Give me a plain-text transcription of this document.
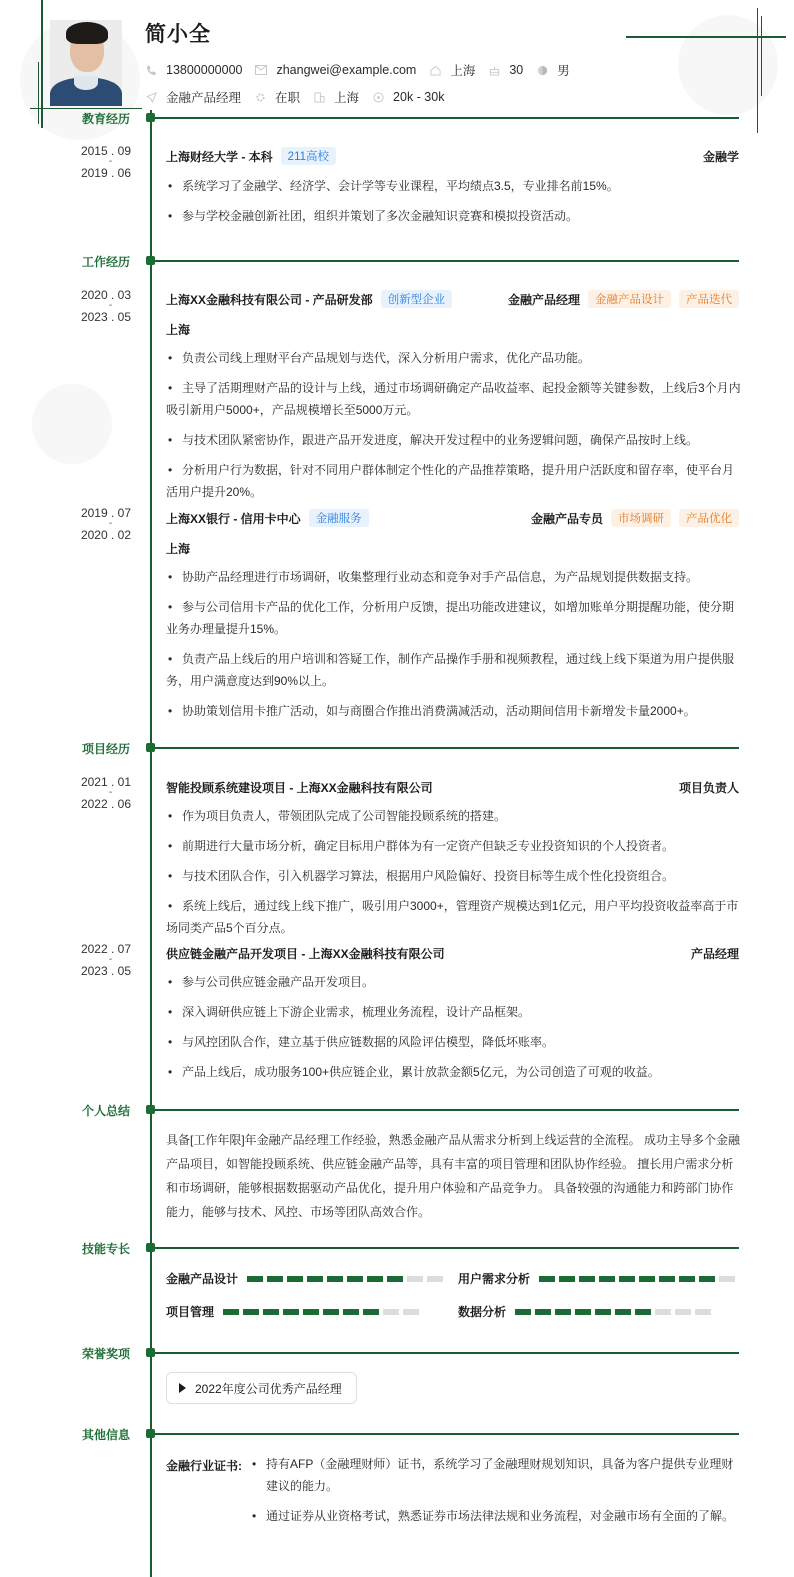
简小全
13800000000	zhangwei@example.com	上海	30	男
金融产品经理	在职	上海	20k - 30k
教育经历
2015 . 09
-
2019 . 06
上海财经大学 - 本科	211高校	金融学
• 系统学习了金融学、经济学、会计学等专业课程，平均绩点3.5，专业排名前15%。
• 参与学校金融创新社团，组织并策划了多次金融知识竞赛和模拟投资活动。
工作经历
2020 . 03
-
2023 . 05
上海XX金融科技有限公司 - 产品研发部	创新型企业	金融产品经理	金融产品设计	产品迭代
上海
• 负责公司线上理财平台产品规划与迭代，深入分析用户需求，优化产品功能。
• 主导了活期理财产品的设计与上线，通过市场调研确定产品收益率、起投金额等关键参数，上线后3个月内吸引新用户5000+，产品规模增长至5000万元。
• 与技术团队紧密协作，跟进产品开发进度，解决开发过程中的业务逻辑问题，确保产品按时上线。
• 分析用户行为数据，针对不同用户群体制定个性化的产品推荐策略，提升用户活跃度和留存率，使平台月活用户提升20%。
2019 . 07
-
2020 . 02
上海XX银行 - 信用卡中心	金融服务	金融产品专员	市场调研	产品优化
上海
• 协助产品经理进行市场调研，收集整理行业动态和竞争对手产品信息，为产品规划提供数据支持。
• 参与公司信用卡产品的优化工作，分析用户反馈，提出功能改进建议，如增加账单分期提醒功能，使分期业务办理量提升15%。
• 负责产品上线后的用户培训和答疑工作，制作产品操作手册和视频教程，通过线上线下渠道为用户提供服务，用户满意度达到90%以上。
• 协助策划信用卡推广活动，如与商圈合作推出消费满减活动，活动期间信用卡新增发卡量2000+。
项目经历
2021 . 01
-
2022 . 06
智能投顾系统建设项目 - 上海XX金融科技有限公司	项目负责人
• 作为项目负责人，带领团队完成了公司智能投顾系统的搭建。
• 前期进行大量市场分析，确定目标用户群体为有一定资产但缺乏专业投资知识的个人投资者。
• 与技术团队合作，引入机器学习算法，根据用户风险偏好、投资目标等生成个性化投资组合。
• 系统上线后，通过线上线下推广，吸引用户3000+，管理资产规模达到1亿元，用户平均投资收益率高于市场同类产品5个百分点。
2022 . 07
-
2023 . 05
供应链金融产品开发项目 - 上海XX金融科技有限公司	产品经理
• 参与公司供应链金融产品开发项目。
• 深入调研供应链上下游企业需求，梳理业务流程，设计产品框架。
• 与风控团队合作，建立基于供应链数据的风险评估模型，降低坏账率。
• 产品上线后，成功服务100+供应链企业，累计放款金额5亿元，为公司创造了可观的收益。
个人总结
具备[工作年限]年金融产品经理工作经验，熟悉金融产品从需求分析到上线运营的全流程。 成功主导多个金融产品项目，如智能投顾系统、供应链金融产品等，具有丰富的项目管理和团队协作经验。 擅长用户需求分析和市场调研，能够根据数据驱动产品优化，提升用户体验和产品竞争力。 具备较强的沟通能力和跨部门协作能力，能够与技术、风控、市场等团队高效合作。
技能专长
金融产品设计	用户需求分析
项目管理	数据分析
荣誉奖项
2022年度公司优秀产品经理
其他信息
金融行业证书:	• 持有AFP（金融理财师）证书，系统学习了金融理财规划知识，具备为客户提供专业理财建议的能力。
• 通过证券从业资格考试，熟悉证券市场法律法规和业务流程，对金融市场有全面的了解。
